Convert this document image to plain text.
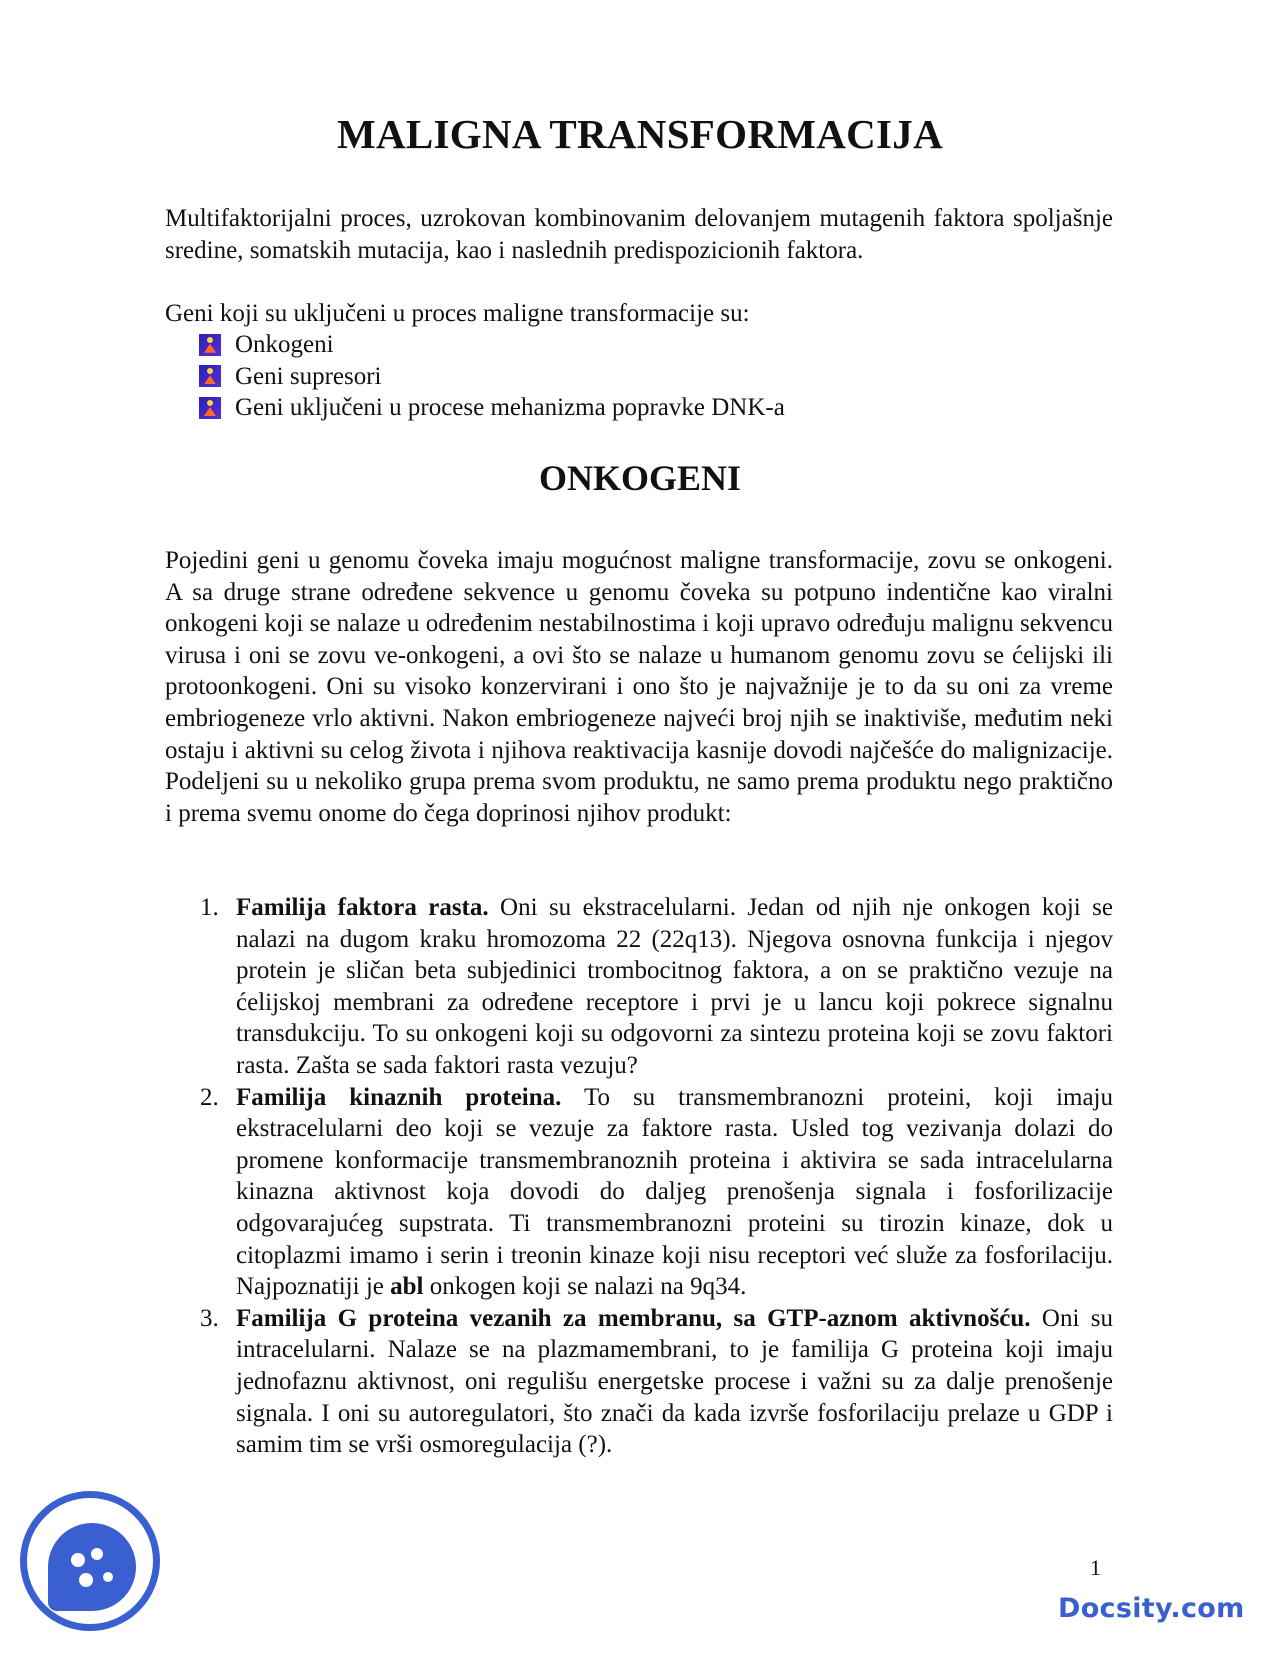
MALIGNA TRANSFORMACIJA

Multifaktorijalni proces, uzrokovan kombinovanim delovanjem mutagenih faktora spoljašnje sredine, somatskih mutacija, kao i naslednih predispozicionih faktora.

Geni koji su uključeni u proces maligne transformacije su:

Onkogeni
Geni supresori
Geni uključeni u procese mehanizma popravke DNK-a
ONKOGENI

Pojedini geni u genomu čoveka imaju mogućnost maligne transformacije, zovu se onkogeni. A sa druge strane određene sekvence u genomu čoveka su potpuno indentične kao viralni onkogeni koji se nalaze u određenim nestabilnostima i koji upravo određuju malignu sekvencu virusa i oni se zovu ve-onkogeni, a ovi što se nalaze u humanom genomu zovu se ćelijski ili protoonkogeni. Oni su visoko konzervirani i ono što je najvažnije je to da su oni za vreme embriogeneze vrlo aktivni. Nakon embriogeneze najveći broj njih se inaktiviše, međutim neki ostaju i aktivni su celog života i njihova reaktivacija kasnije dovodi najčešće do malignizacije. Podeljeni su u nekoliko grupa prema svom produktu, ne samo prema produktu nego praktično i prema svemu onome do čega doprinosi njihov produkt:

1. Familija faktora rasta. Oni su ekstracelularni. Jedan od njih nje onkogen koji se nalazi na dugom kraku hromozoma 22 (22q13). Njegova osnovna funkcija i njegov protein je sličan beta subjedinici trombocitnog faktora, a on se praktično vezuje na ćelijskoj membrani za određene receptore i prvi je u lancu koji pokrece signalnu transdukciju. To su onkogeni koji su odgovorni za sintezu proteina koji se zovu faktori rasta. Zašta se sada faktori rasta vezuju?
2. Familija kinaznih proteina. To su transmembranozni proteini, koji imaju ekstracelularni deo koji se vezuje za faktore rasta. Usled tog vezivanja dolazi do promene konformacije transmembranoznih proteina i aktivira se sada intracelularna kinazna aktivnost koja dovodi do daljeg prenošenja signala i fosforilizacije odgovarajućeg supstrata. Ti transmembranozni proteini su tirozin kinaze, dok u citoplazmi imamo i serin i treonin kinaze koji nisu receptori već služe za fosforilaciju. Najpoznatiji je abl onkogen koji se nalazi na 9q34.
3. Familija G proteina vezanih za membranu, sa GTP-aznom aktivnošću. Oni su intracelularni. Nalaze se na plazmamembrani, to je familija G proteina koji imaju jednofaznu aktivnost, oni regulišu energetske procese i važni su za dalje prenošenje signala. I oni su autoregulatori, što znači da kada izvrše fosforilaciju prelaze u GDP i samim tim se vrši osmoregulacija (?).
1
Docsity.com
